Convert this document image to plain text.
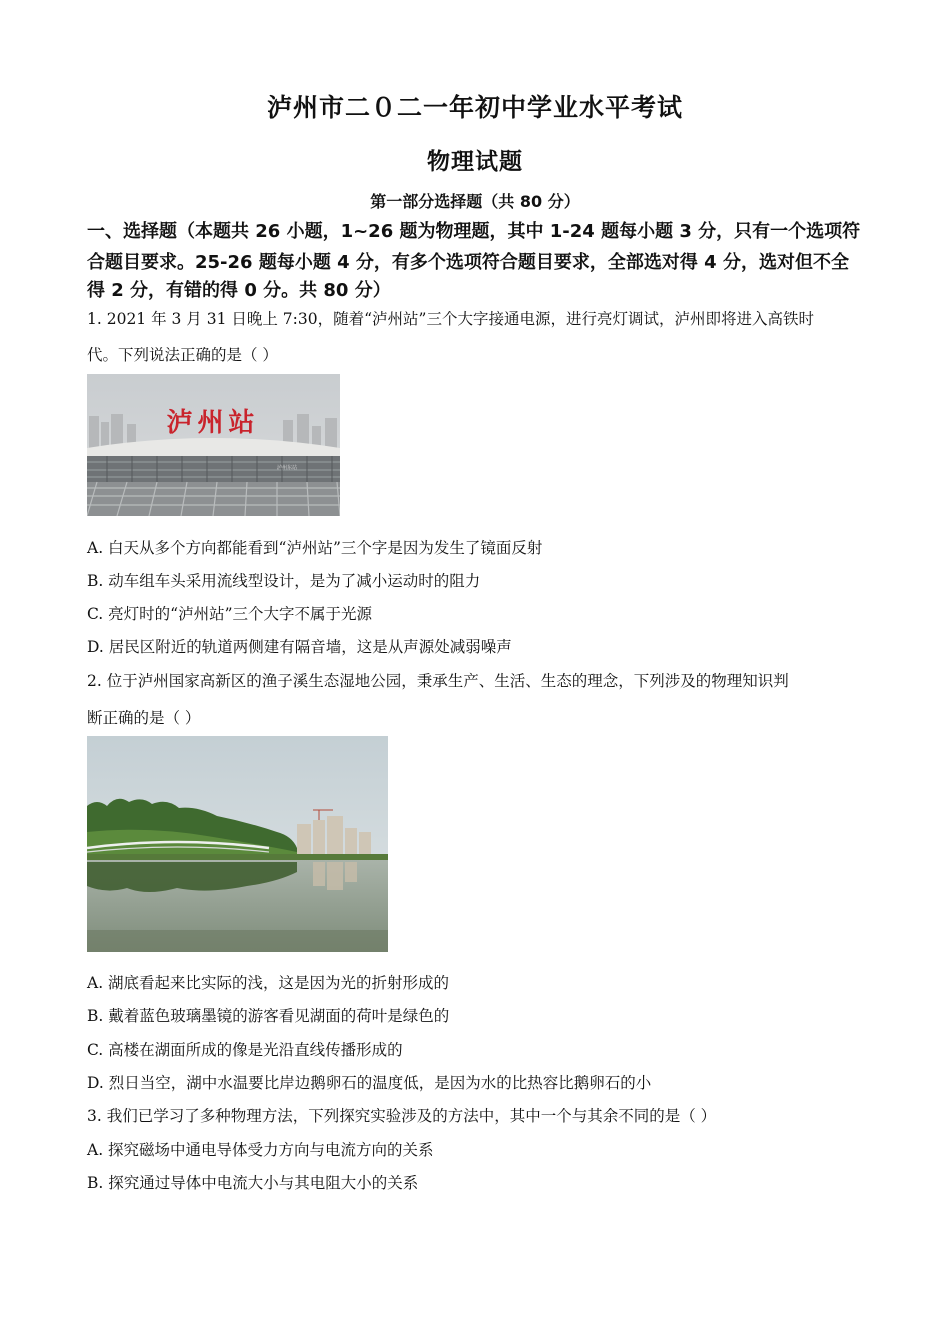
泸州市二０二一年初中学业水平考试
物理试题
第一部分选择题（共 80 分）
一、选择题（本题共 26 小题，1~26 题为物理题，其中 1-24 题每小题 3 分，只有一个选项符
合题目要求。25-26 题每小题 4 分，有多个选项符合题目要求，全部选对得 4 分，选对但不全
得 2 分，有错的得 0 分。共 80 分）
1. 2021 年 3 月 31 日晚上 7:30，随着“泸州站”三个大字接通电源，进行亮灯调试，泸州即将进入高铁时
代。下列说法正确的是（ ）
泸州站
泸州东站
A. 白天从多个方向都能看到“泸州站”三个字是因为发生了镜面反射
B. 动车组车头采用流线型设计，是为了减小运动时的阻力
C. 亮灯时的“泸州站”三个大字不属于光源
D. 居民区附近的轨道两侧建有隔音墙，这是从声源处减弱噪声
2. 位于泸州国家高新区的渔子溪生态湿地公园，秉承生产、生活、生态的理念，下列涉及的物理知识判
断正确的是（ ）
A. 湖底看起来比实际的浅，这是因为光的折射形成的
B. 戴着蓝色玻璃墨镜的游客看见湖面的荷叶是绿色的
C. 高楼在湖面所成的像是光沿直线传播形成的
D. 烈日当空，湖中水温要比岸边鹅卵石的温度低，是因为水的比热容比鹅卵石的小
3. 我们已学习了多种物理方法，下列探究实验涉及的方法中，其中一个与其余不同的是（ ）
A. 探究磁场中通电导体受力方向与电流方向的关系
B. 探究通过导体中电流大小与其电阻大小的关系
